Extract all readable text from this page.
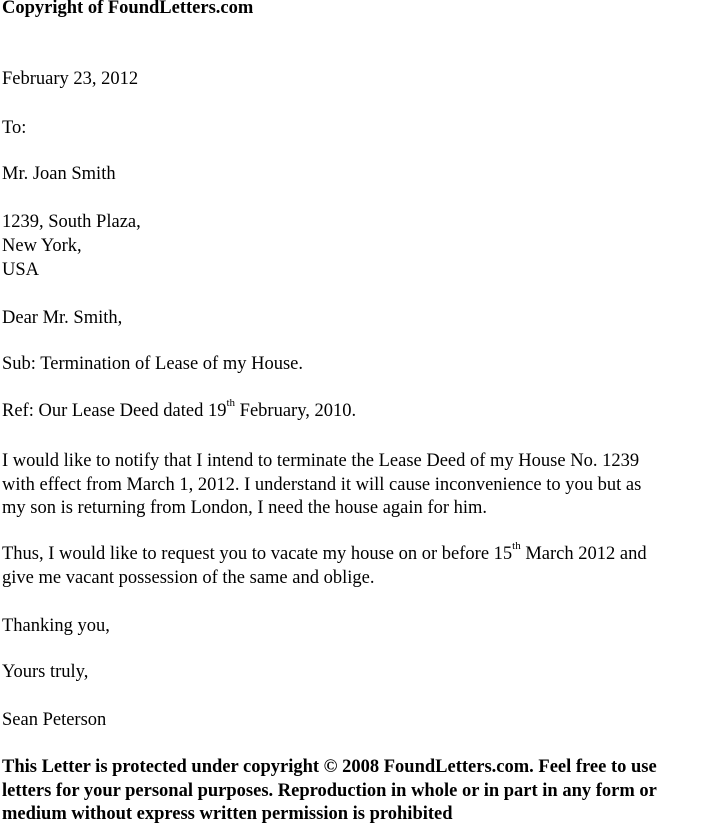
Copyright of FoundLetters.com
February 23, 2012
To:
Mr. Joan Smith
1239, South Plaza,
New York,
USA
Dear Mr. Smith,
Sub: Termination of Lease of my House.
Ref: Our Lease Deed dated 19th February, 2010.
I would like to notify that I intend to terminate the Lease Deed of my House No. 1239
with effect from March 1, 2012. I understand it will cause inconvenience to you but as
my son is returning from London, I need the house again for him.
Thus, I would like to request you to vacate my house on or before 15th March 2012 and
give me vacant possession of the same and oblige.
Thanking you,
Yours truly,
Sean Peterson
This Letter is protected under copyright © 2008 FoundLetters.com. Feel free to use
letters for your personal purposes. Reproduction in whole or in part in any form or
medium without express written permission is prohibited
